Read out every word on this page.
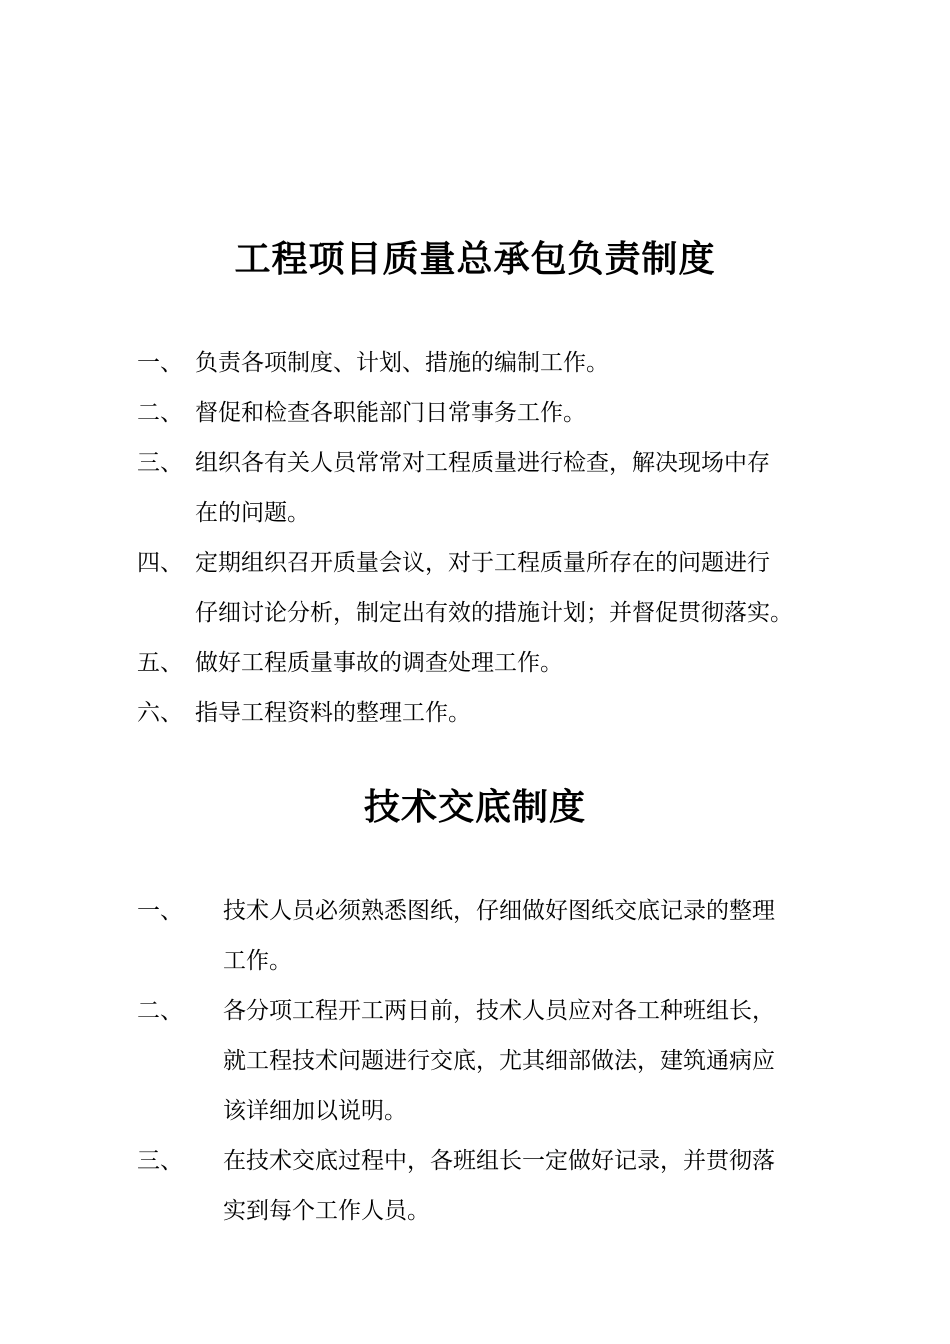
工程项目质量总承包负责制度
一、 负责各项制度、计划、措施的编制工作。
二、 督促和检查各职能部门日常事务工作。
三、 组织各有关人员常常对工程质量进行检查，解决现场中存
在的问题。
四、 定期组织召开质量会议，对于工程质量所存在的问题进行
仔细讨论分析，制定出有效的措施计划；并督促贯彻落实。
五、 做好工程质量事故的调查处理工作。
六、 指导工程资料的整理工作。
技术交底制度
一、	技术人员必须熟悉图纸，仔细做好图纸交底记录的整理
工作。
二、	各分项工程开工两日前，技术人员应对各工种班组长，
就工程技术问题进行交底，尤其细部做法，建筑通病应
该详细加以说明。
三、	在技术交底过程中，各班组长一定做好记录，并贯彻落
实到每个工作人员。
